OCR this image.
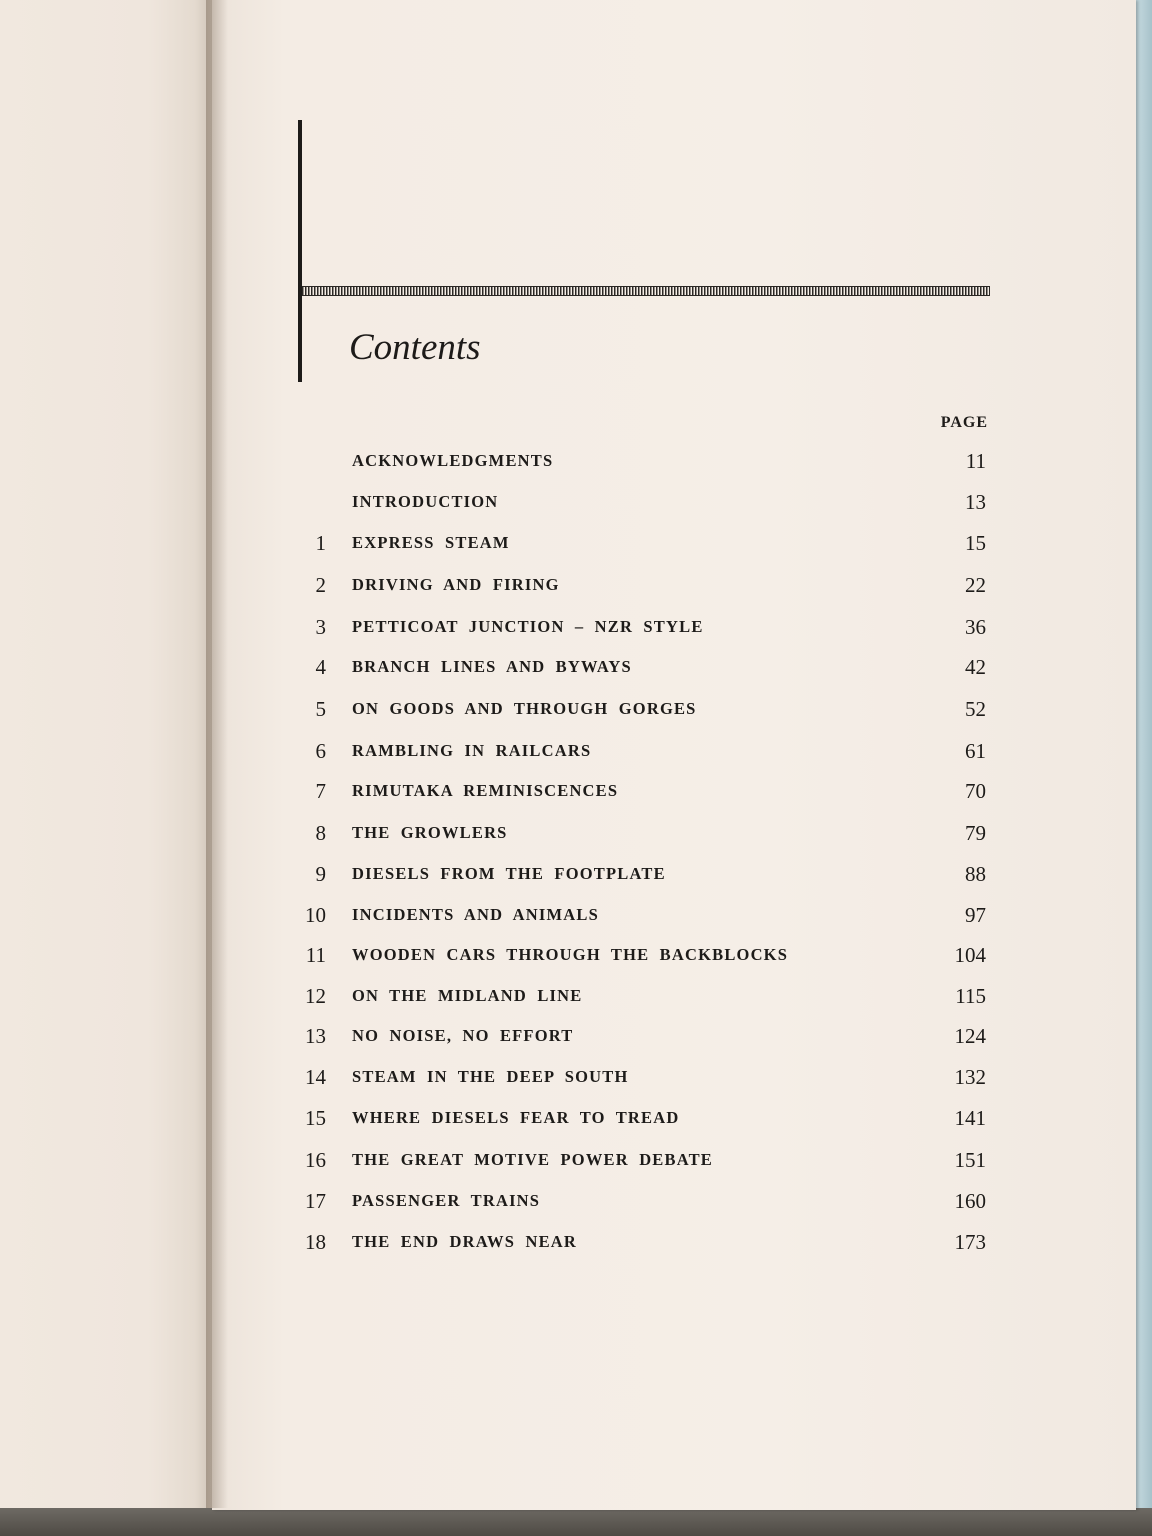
Contents
PAGE
ACKNOWLEDGMENTS	11
INTRODUCTION	13
1 EXPRESS STEAM	15
2 DRIVING AND FIRING	22
3 PETTICOAT JUNCTION – NZR STYLE	36
4 BRANCH LINES AND BYWAYS	42
5 ON GOODS AND THROUGH GORGES	52
6 RAMBLING IN RAILCARS	61
7 RIMUTAKA REMINISCENCES	70
8 THE GROWLERS	79
9 DIESELS FROM THE FOOTPLATE	88
10 INCIDENTS AND ANIMALS	97
11 WOODEN CARS THROUGH THE BACKBLOCKS	104
12 ON THE MIDLAND LINE	115
13 NO NOISE, NO EFFORT	124
14 STEAM IN THE DEEP SOUTH	132
15 WHERE DIESELS FEAR TO TREAD	141
16 THE GREAT MOTIVE POWER DEBATE	151
17 PASSENGER TRAINS	160
18 THE END DRAWS NEAR	173
